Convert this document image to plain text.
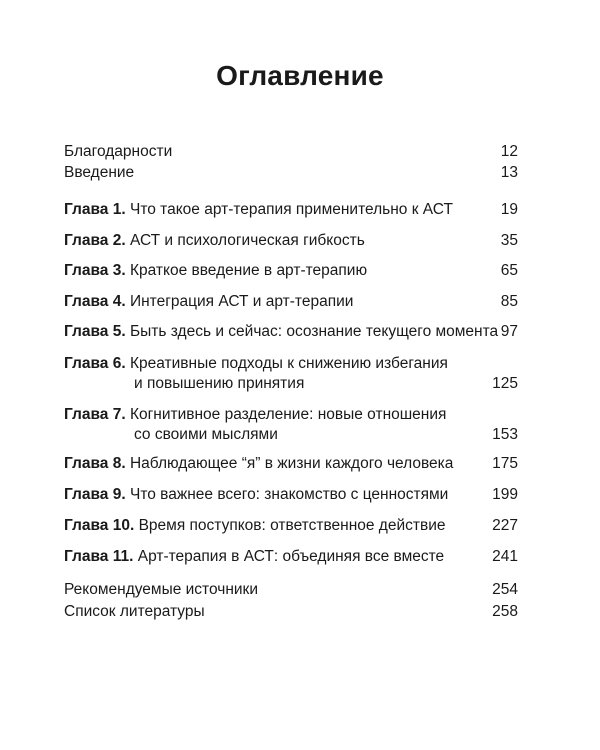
Оглавление
Благодарности	12
Введение	13
Глава 1. Что такое арт-терапия применительно к АСТ	19
Глава 2. АСТ и психологическая гибкость	35
Глава 3. Краткое введение в арт-терапию	65
Глава 4. Интеграция АСТ и арт-терапии	85
Глава 5. Быть здесь и сейчас: осознание текущего момента 97
Глава 6. Креативные подходы к снижению избегания
и повышению принятия	125
Глава 7. Когнитивное разделение: новые отношения
со своими мыслями	153
Глава 8. Наблюдающее “я” в жизни каждого человека 175
Глава 9. Что важнее всего: знакомство с ценностями	199
Глава 10. Время поступков: ответственное действие	227
Глава 11. Арт-терапия в АСТ: объединяя все вместе	241
Рекомендуемые источники	254
Список литературы	258
